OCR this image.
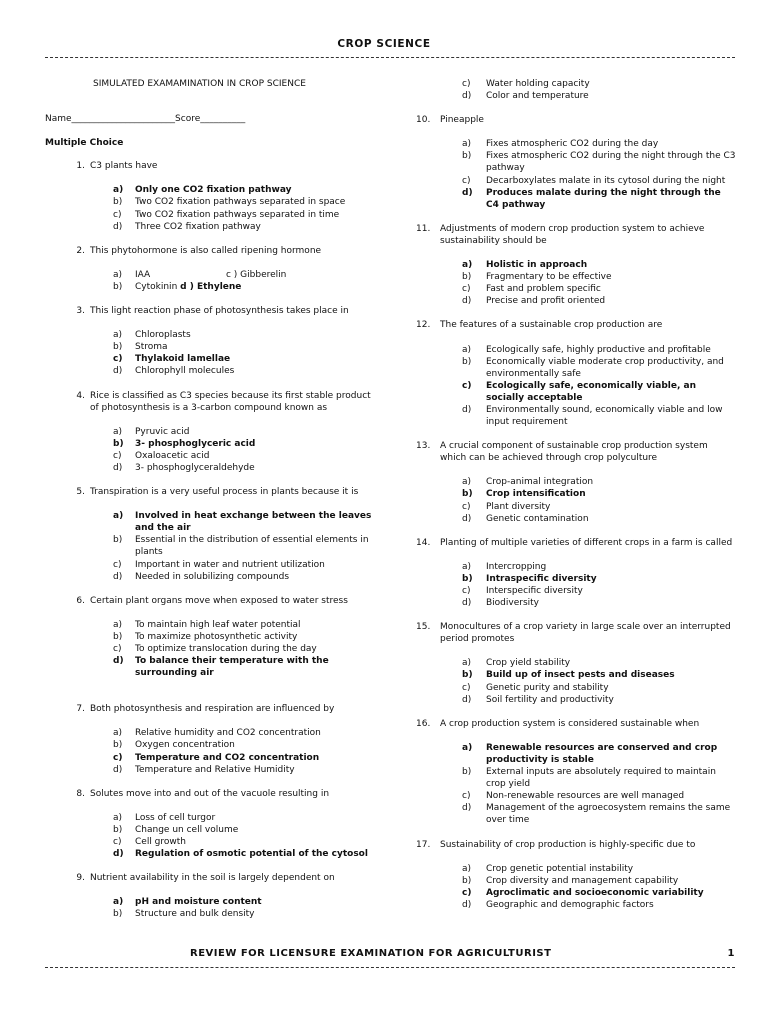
CROP SCIENCE
SIMULATED EXAMAMINATION IN CROP SCIENCE
Name_______________________Score__________
Multiple Choice
1. C3 plants have
a) Only one CO2 fixation pathway
b) Two CO2 fixation pathways separated in space
c) Two CO2 fixation pathways separated in time
d) Three CO2 fixation pathway
2. This phytohormone is also called ripening hormone
a) IAA	c ) Gibberelin
b) Cytokinin d ) Ethylene
3. This light reaction phase of photosynthesis takes place in
a) Chloroplasts
b) Stroma
c) Thylakoid lamellae
d) Chlorophyll molecules
4. Rice is classified as C3 species because its first stable product of photosynthesis is a 3-carbon compound known as
a) Pyruvic acid
b) 3- phosphoglyceric acid
c) Oxaloacetic acid
d) 3- phosphoglyceraldehyde
5. Transpiration is a very useful process in plants because it is
a) Involved in heat exchange between the leaves and the air
b) Essential in the distribution of essential elements in plants
c) Important in water and nutrient utilization
d) Needed in solubilizing compounds
6. Certain plant organs move when exposed to water stress
a) To maintain high leaf water potential
b) To maximize photosynthetic activity
c) To optimize translocation during the day
d) To balance their temperature with the surrounding air
7. Both photosynthesis and respiration are influenced by
a) Relative humidity and CO2 concentration
b) Oxygen concentration
c) Temperature and CO2 concentration
d) Temperature and Relative Humidity
8. Solutes move into and out of the vacuole resulting in
a) Loss of cell turgor
b) Change un cell volume
c) Cell growth
d) Regulation of osmotic potential of the cytosol
9. Nutrient availability in the soil is largely dependent on
a) pH and moisture content
b) Structure and bulk density
c) Water holding capacity
d) Color and temperature
10.	Pineapple
a) Fixes atmospheric CO2 during the day
b) Fixes atmospheric CO2 during the night through the C3 pathway
c) Decarboxylates malate in its cytosol during the night
d) Produces malate during the night through the C4 pathway
11.	Adjustments of modern crop production system to achieve sustainability should be
a) Holistic in approach
b) Fragmentary to be effective
c) Fast and problem specific
d) Precise and profit oriented
12.	The features of a sustainable crop production are
a) Ecologically safe, highly productive and profitable
b) Economically viable moderate crop productivity, and environmentally safe
c) Ecologically safe, economically viable, an socially acceptable
d) Environmentally sound, economically viable and low input requirement
13.	A crucial component of sustainable crop production system which can be achieved through crop polyculture
a) Crop-animal integration
b) Crop intensification
c) Plant diversity
d) Genetic contamination
14.	Planting of multiple varieties of different crops in a farm is called
a) Intercropping
b) Intraspecific diversity
c) Interspecific diversity
d) Biodiversity
15.	Monocultures of a crop variety in large scale over an interrupted period promotes
a) Crop yield stability
b) Build up of insect pests and diseases
c) Genetic purity and stability
d) Soil fertility and productivity
16.	A crop production system is considered sustainable when
a) Renewable resources are conserved and crop productivity is stable
b) External inputs are absolutely required to maintain crop yield
c) Non-renewable resources are well managed
d) Management of the agroecosystem remains the same over time
17.	Sustainability of crop production is highly-specific due to
a) Crop genetic potential instability
b) Crop diversity and management capability
c) Agroclimatic and socioeconomic variability
d) Geographic and demographic factors
REVIEW FOR LICENSURE EXAMINATION FOR AGRICULTURIST	1
